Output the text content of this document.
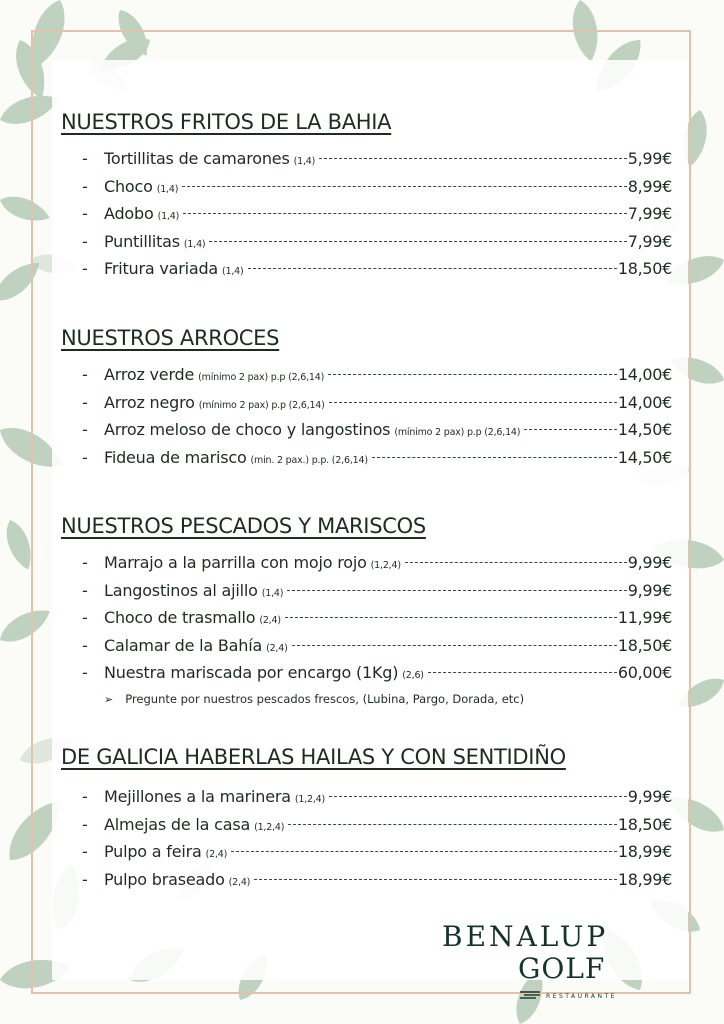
NUESTROS FRITOS DE LA BAHIA
-	Tortillitas de camarones (1,4)	5,99€
-	Choco (1,4)	8,99€
-	Adobo (1,4)	7,99€
-	Puntillitas (1,4)	7,99€
-	Fritura variada (1,4)	18,50€
NUESTROS ARROCES
-	Arroz verde (mínimo 2 pax) p.p (2,6,14)	14,00€
-	Arroz negro (mínimo 2 pax) p.p (2,6,14)	14,00€
-	Arroz meloso de choco y langostinos (mínimo 2 pax) p.p (2,6,14)	14,50€
-	Fideua de marisco (min. 2 pax.) p.p. (2,6,14)	14,50€
NUESTROS PESCADOS Y MARISCOS
-	Marrajo a la parrilla con mojo rojo (1,2,4)	9,99€
-	Langostinos al ajillo (1,4)	9,99€
-	Choco de trasmallo (2,4)	11,99€
-	Calamar de la Bahía (2,4)	18,50€
-	Nuestra mariscada por encargo (1Kg) (2,6)	60,00€
➢ Pregunte por nuestros pescados frescos, (Lubina, Pargo, Dorada, etc)
DE GALICIA HABERLAS HAILAS Y CON SENTIDIÑO
-	Mejillones a la marinera (1,2,4)	9,99€
-	Almejas de la casa (1,2,4)	18,50€
-	Pulpo a feira (2,4)	18,99€
-	Pulpo braseado (2,4)	18,99€
BENALUP
GOLF
RESTAURANTE
